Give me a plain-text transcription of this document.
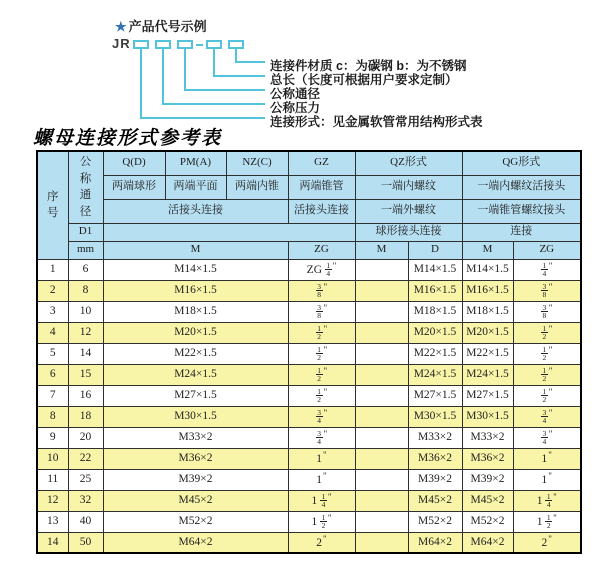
★ 产品代号示例
JR
连接件材质 c：为碳钢 b：为不锈钢
总长（长度可根据用户要求定制）
公称通径
公称压力
连接形式：见金属软管常用结构形式表
螺母连接形式参考表
序号	公称通径	Q(D)	PM(A)	NZ(C)	GZ	QZ形式		QG形式	
		两端球形	两端平面	两端内锥	两端锥管	一端内螺纹		一端内螺纹活接头	
		活接头连接			活接头连接	一端外螺纹		一端锥管螺纹接头	
	D1					球形接头连接		连接	
	mm	M			ZG	M	D	M	ZG
1	6	M14×1.5			ZG $\frac{1}{4} ^"$		M14×1.5	M14×1.5	$\frac{1}{4} ^"$
2	8	M16×1.5			$\frac{3}{8} ^"$		M16×1.5	M16×1.5	$\frac{3}{8} ^"$
3	10	M18×1.5			$\frac{3}{8} ^"$		M18×1.5	M18×1.5	$\frac{3}{8} ^"$
4	12	M20×1.5			$\frac{1}{2} ^"$		M20×1.5	M20×1.5	$\frac{1}{2} ^"$
5	14	M22×1.5			$\frac{1}{2} ^"$		M22×1.5	M22×1.5	$\frac{1}{2} ^"$
6	15	M24×1.5			$\frac{1}{2} ^"$		M24×1.5	M24×1.5	$\frac{1}{2} ^"$
7	16	M27×1.5			$\frac{1}{2} ^"$		M27×1.5	M27×1.5	$\frac{1}{2} ^"$
8	18	M30×1.5			$\frac{3}{4} ^"$		M30×1.5	M30×1.5	$\frac{3}{4} ^"$
9	20	M33×2			$\frac{3}{4} ^"$		M33×2	M33×2	$\frac{3}{4} ^"$
10	22	M36×2			1"		M36×2	M36×2	1"
11	25	M39×2			1"		M39×2	M39×2	1"
12	32	M45×2			$1 \frac{1}{4} ^"$		M45×2	M45×2	$1 \frac{1}{4} ^"$
13	40	M52×2			$1 \frac{1}{2} ^"$		M52×2	M52×2	$1 \frac{1}{2} ^"$
14	50	M64×2			2"		M64×2	M64×2	2"
